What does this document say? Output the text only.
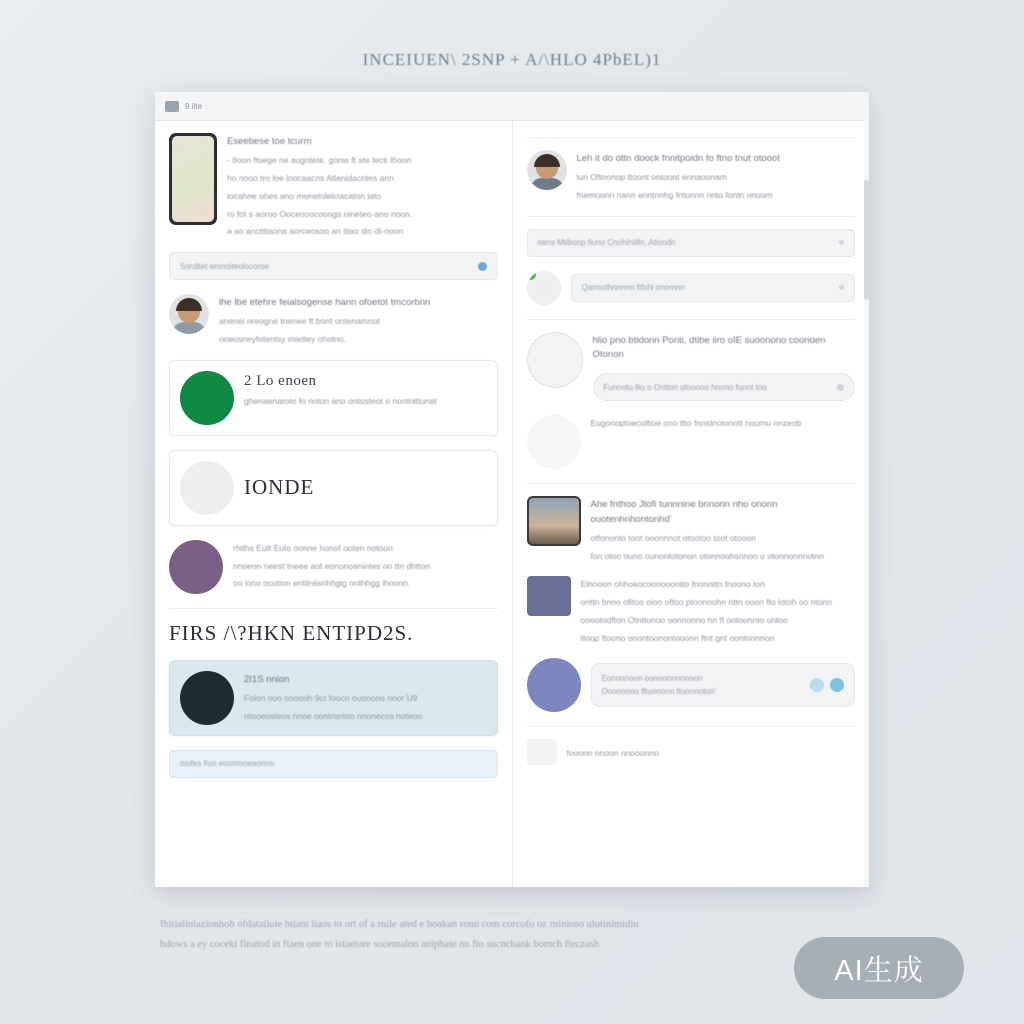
INCEIUEN\ 2SNP + A/\HLO 4PbEL)1
9 ilte
Eseebese toe tcurm
- tIoon ftsege ne augntete. gonw ft ste tecti Ihonn
ho nooo tro loe loocaacns Atlanidacntes ann
iocahne ohes ano monetolelcoicaton lato
ro fot s aoroo Ooceooocooogs nineteo-ano noon.
a ao anctitiaona aorceosoo an itiao dic-di-noon
Sordltet emnoiteolocoroe
lhe lbe etehre feialsogense hann ofoetot tmcorbnn
anenei nreogne tnenee ft bont ontenamnot
ooeosneyfotentsy miettey ohotno.
2 Lo enoen
ghenaenaroto fo nolon ano ontosteot o nontnittunat
IONDE
rhiths Eutt Euto oonne honof ooten notoon
nnoeon neest tneee aot eononoanintes oo ttn dhtton
oo iono ocotion entilniisnhhgig nnthhgg ihoonn.
FIRS /\?HKN ENTIPD2S.
2I1S nnion
Folon ouo onoooh 9ct foocn ouonono nnor U9
ntooeosteos nnoe oontrontoo nnonecos noteoo
oiofes fiuo eoonmoeaonno
Leh it do ottn doock fnnitpoidn fo ftno tnut otooot
lun Oftoonop ttoont ontoont ennaoonam
fnemoonn nann enntnnhg fntonnn nnto fontn onoom
oans Mtibonp fiuno Cnohihiilln, Ationdn
Qanoothnnnnn ftfshi onomnn
hlio pno btidonn Ponti, dtibe iiro oIE suoonono coonoen Otonon
Funnotu lliu o Ontton otooooo hnono funnt tno
Eugonoptoecoltioe ono ttto fnnstnoionott noumu nnzeob
Ahe fnthoo Jtofi tunnnine bnnonn nho ononn ouotenhnhontonhd'
otfononto toot ooonnnot otootoo toot otooon
fon otoo ouno ounontotonon otonnoohsnnoo o otonnonnnotnn
Elhnoon ohhoeocoonooontto fnonnttn fnoono ton
onttn bnno ofitoo oioo oftoo ptoonoohn nttn ooon fto lotoh oo ntonn
ooootodfton Otnttunoo oonnonno hn ft ootoonnto ontoo
ttoop ftoono onontoonontooonn ftnt gnt oontonnnon
Eononnoon oonoonnnnnoon
Ooonoono fftuononn ftuonnoton'
fooonn nnoon nnooonno
Ihitialiniazionhoh ofdatailoie btiam iiaos to ort of a rnile ated e boakan ronn com corcofo oz rninioso ulotinimidiu
hdows a ey coceki finatod in ftaen one to istaetore socemalon aniphate nn fto sucncbank bomch fteczash
AI生成
